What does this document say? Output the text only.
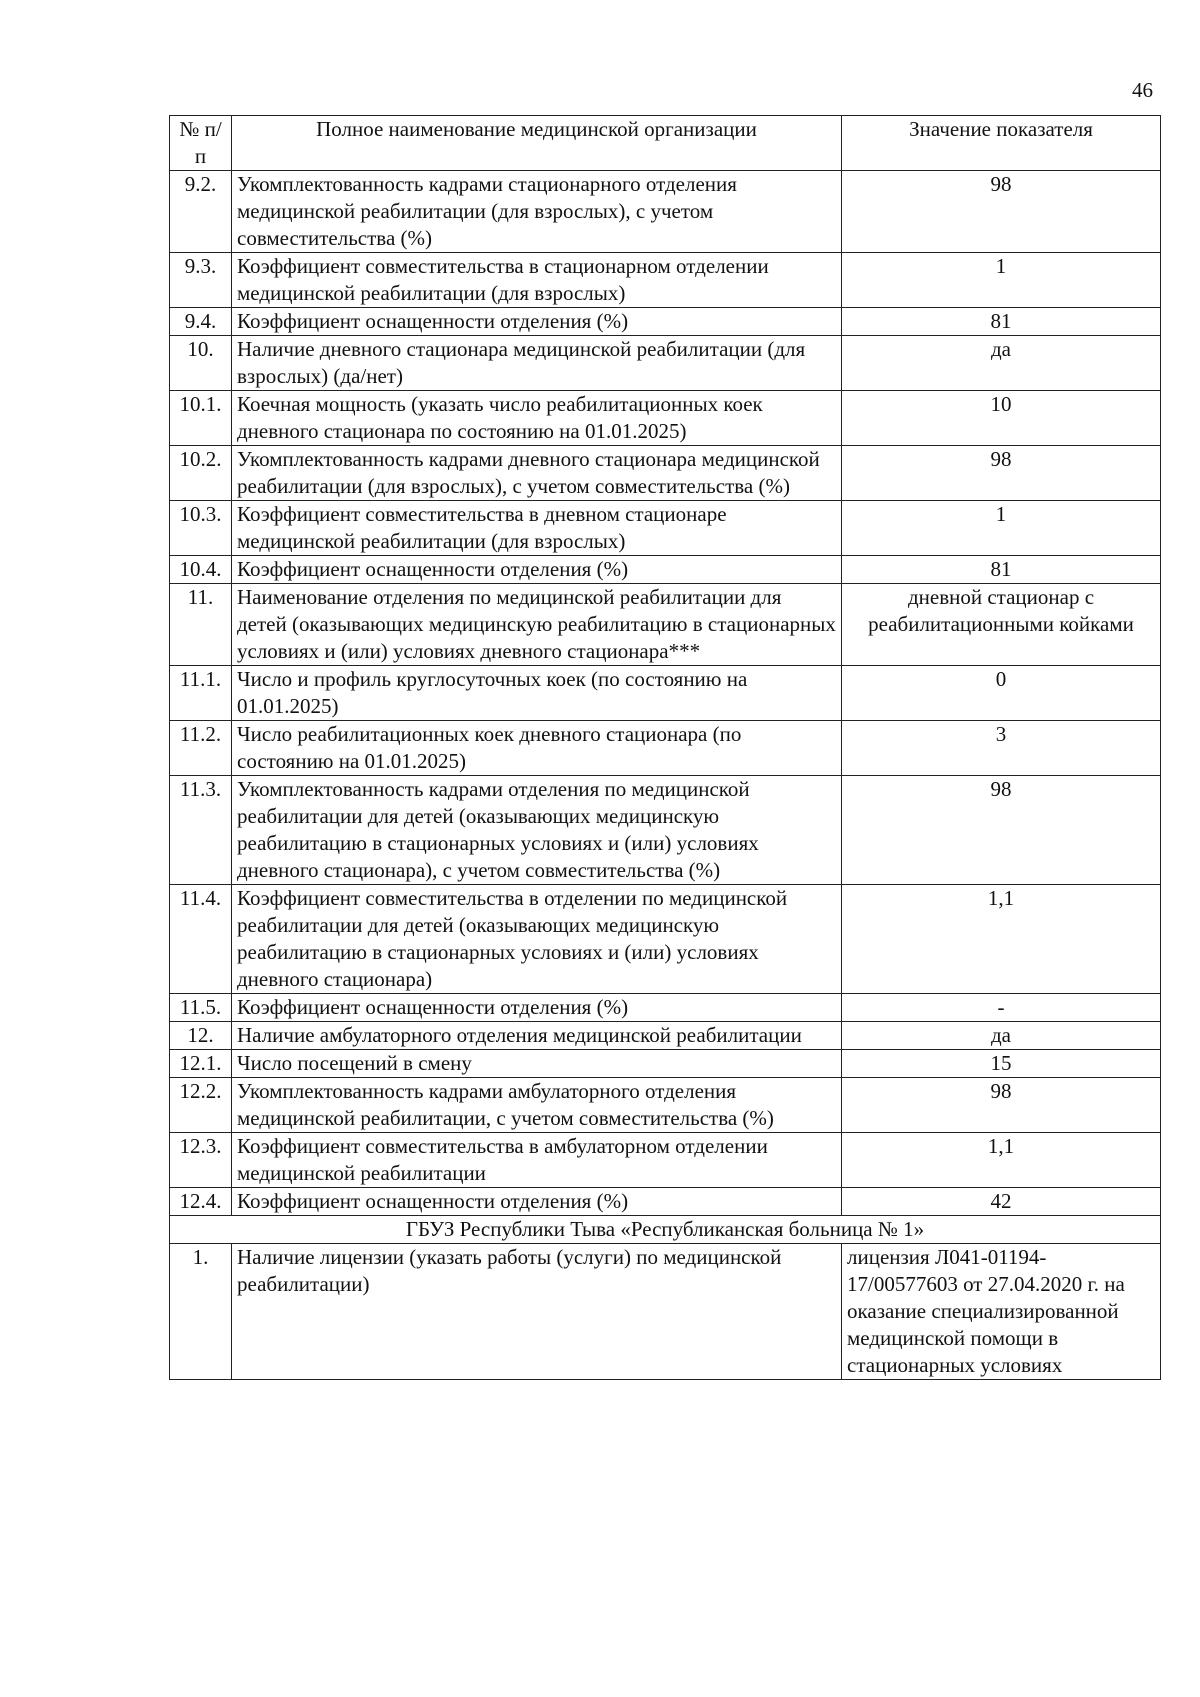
46
№ п/п	Полное наименование медицинской организации	Значение показателя
9.2.	Укомплектованность кадрами стационарного отделения медицинской реабилитации (для взрослых), с учетом совместительства (%)	98
9.3.	Коэффициент совместительства в стационарном отделении медицинской реабилитации (для взрослых)	1
9.4.	Коэффициент оснащенности отделения (%)	81
10.	Наличие дневного стационара медицинской реабилитации (для взрослых) (да/нет)	да
10.1.	Коечная мощность (указать число реабилитационных коек дневного стационара по состоянию на 01.01.2025)	10
10.2.	Укомплектованность кадрами дневного стационара медицинской реабилитации (для взрослых), с учетом совместительства (%)	98
10.3.	Коэффициент совместительства в дневном стационаре медицинской реабилитации (для взрослых)	1
10.4.	Коэффициент оснащенности отделения (%)	81
11.	Наименование отделения по медицинской реабилитации для детей (оказывающих медицинскую реабилитацию в стационарных условиях и (или) условиях дневного стационара***	дневной стационар с реабилитационными койками
11.1.	Число и профиль круглосуточных коек (по состоянию на 01.01.2025)	0
11.2.	Число реабилитационных коек дневного стационара (по состоянию на 01.01.2025)	3
11.3.	Укомплектованность кадрами отделения по медицинской реабилитации для детей (оказывающих медицинскую реабилитацию в стационарных условиях и (или) условиях дневного стационара), с учетом совместительства (%)	98
11.4.	Коэффициент совместительства в отделении по медицинской реабилитации для детей (оказывающих медицинскую реабилитацию в стационарных условиях и (или) условиях дневного стационара)	1,1
11.5.	Коэффициент оснащенности отделения (%)	-
12.	Наличие амбулаторного отделения медицинской реабилитации	да
12.1.	Число посещений в смену	15
12.2.	Укомплектованность кадрами амбулаторного отделения медицинской реабилитации, с учетом совместительства (%)	98
12.3.	Коэффициент совместительства в амбулаторном отделении медицинской реабилитации	1,1
12.4.	Коэффициент оснащенности отделения (%)	42
ГБУЗ Республики Тыва «Республиканская больница № 1»		
1.	Наличие лицензии (указать работы (услуги) по медицинской реабилитации)	лицензия Л041-01194-17/00577603 от 27.04.2020 г. на оказание специализированной медицинской помощи в стационарных условиях
